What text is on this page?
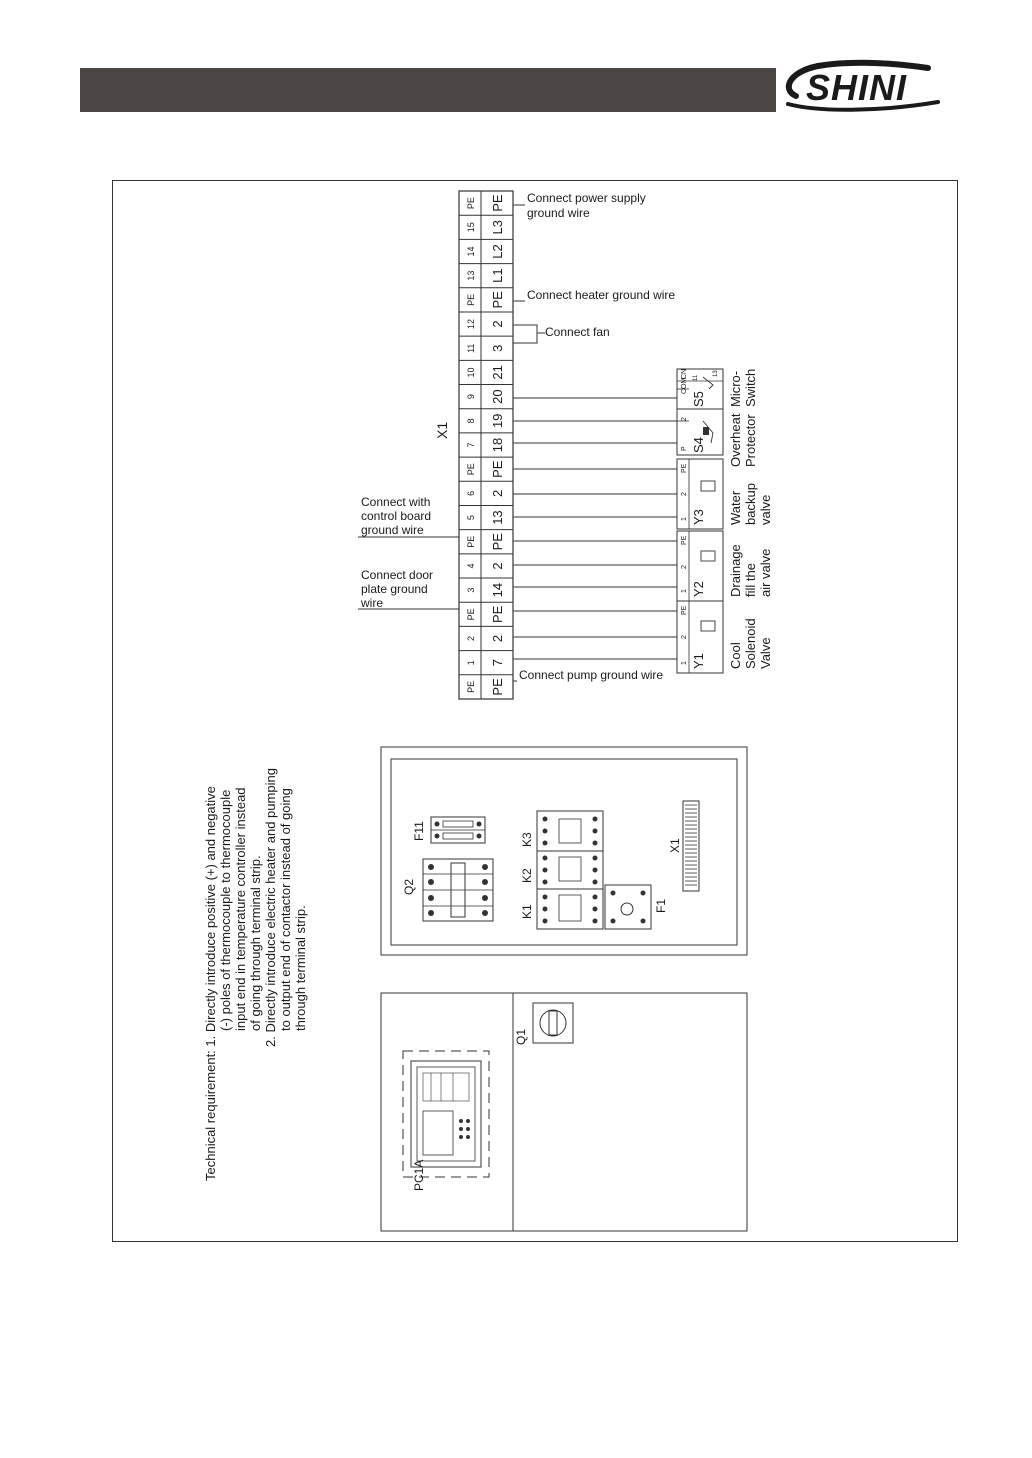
SHINI
PE
15
14
13
PE
12
11
10
9
8
7
PE
6
5
PE
4
3
PE
2
1
PE
PE
L3
L2
L1
PE
2
3
21
20
19
18
PE
2
13
PE
2
14
PE
2
7
PE
X1
Connect power supply
ground wire
Connect heater ground wire
Connect fan
Connect with
control board
ground wire
Connect door
plate ground
wire
Connect pump ground wire
COM
CN
S5
11
13 Micro- Switch
P
2
S4 Overheat Protector
1
2
PE
Y3 Water backup valve
1
2
PE
Y2 Drainage fill the air valve
1
2
PE
Y1 Cool Solenoid Valve
Technical requirement: 1. Directly introduce positive (+) and negative (-) poles of thermocouple to thermocouple input end in temperature controller instead of going through terminal strip. 2. Directly introduce electric heater and pumping to output end of contactor instead of going through terminal strip.
F11
Q2
K3
K2
K1	F1
X1
PC1A
Q1
